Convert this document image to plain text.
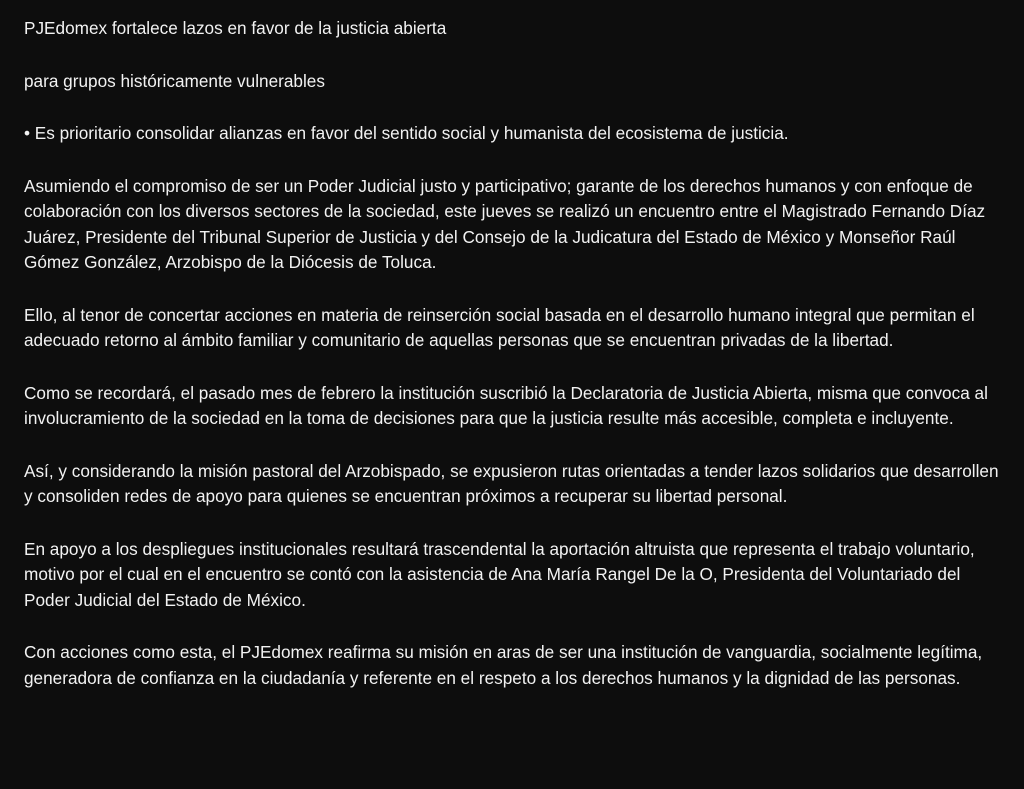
PJEdomex fortalece lazos en favor de la justicia abierta

para grupos históricamente vulnerables

• Es prioritario consolidar alianzas en favor del sentido social y humanista del ecosistema de justicia.

Asumiendo el compromiso de ser un Poder Judicial justo y participativo; garante de los derechos humanos y con enfoque de colaboración con los diversos sectores de la sociedad, este jueves se realizó un encuentro entre el Magistrado Fernando Díaz Juárez, Presidente del Tribunal Superior de Justicia y del Consejo de la Judicatura del Estado de México y Monseñor Raúl Gómez González, Arzobispo de la Diócesis de Toluca.

Ello, al tenor de concertar acciones en materia de reinserción social basada en el desarrollo humano integral que permitan el adecuado retorno al ámbito familiar y comunitario de aquellas personas que se encuentran privadas de la libertad.

Como se recordará, el pasado mes de febrero la institución suscribió la Declaratoria de Justicia Abierta, misma que convoca al involucramiento de la sociedad en la toma de decisiones para que la justicia resulte más accesible, completa e incluyente.

Así, y considerando la misión pastoral del Arzobispado, se expusieron rutas orientadas a tender lazos solidarios que desarrollen y consoliden redes de apoyo para quienes se encuentran próximos a recuperar su libertad personal.

En apoyo a los despliegues institucionales resultará trascendental la aportación altruista que representa el trabajo voluntario, motivo por el cual en el encuentro se contó con la asistencia de Ana María Rangel De la O, Presidenta del Voluntariado del Poder Judicial del Estado de México.

Con acciones como esta, el PJEdomex reafirma su misión en aras de ser una institución de vanguardia, socialmente legítima, generadora de confianza en la ciudadanía y referente en el respeto a los derechos humanos y la dignidad de las personas.
